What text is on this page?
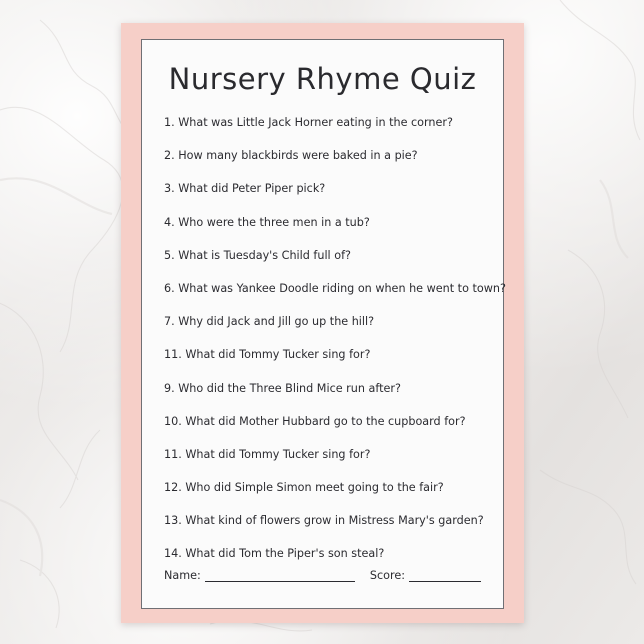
Nursery Rhyme Quiz

1. What was Little Jack Horner eating in the corner?

2. How many blackbirds were baked in a pie?

3. What did Peter Piper pick?

4. Who were the three men in a tub?

5. What is Tuesday's Child full of?

6. What was Yankee Doodle riding on when he went to town?

7. Why did Jack and Jill go up the hill?

11. What did Tommy Tucker sing for?

9. Who did the Three Blind Mice run after?

10. What did Mother Hubbard go to the cupboard for?

11. What did Tommy Tucker sing for?

12. Who did Simple Simon meet going to the fair?

13. What kind of flowers grow in Mistress Mary's garden?

14. What did Tom the Piper's son steal?

Name:	Score:
